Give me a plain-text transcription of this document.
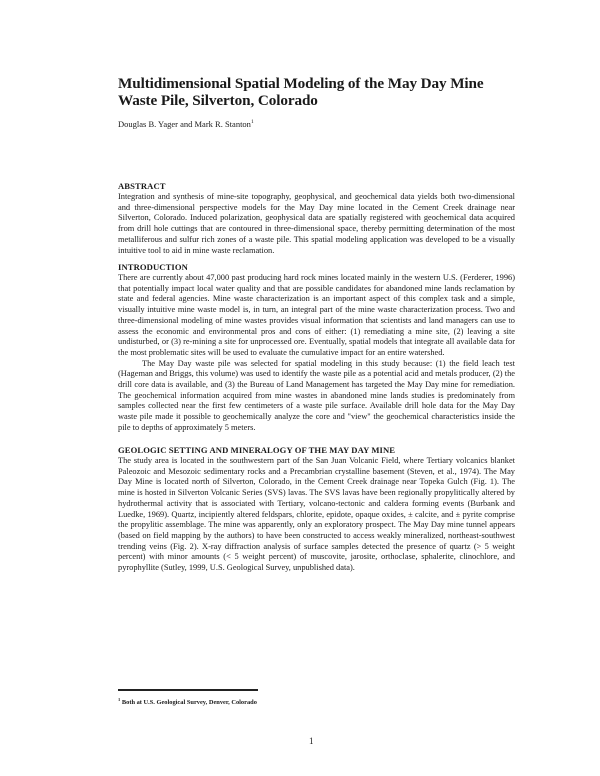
Multidimensional Spatial Modeling of the May Day Mine Waste Pile, Silverton, Colorado
Douglas B. Yager and Mark R. Stanton$^1$
ABSTRACT

Integration and synthesis of mine-site topography, geophysical, and geochemical data yields both two-dimensional and three-dimensional perspective models for the May Day mine located in the Cement Creek drainage near Silverton, Colorado. Induced polarization, geophysical data are spatially registered with geochemical data acquired from drill hole cuttings that are contoured in three-dimensional space, thereby permitting determination of the most metalliferous and sulfur rich zones of a waste pile. This spatial modeling application was developed to be a visually intuitive tool to aid in mine waste reclamation.

INTRODUCTION

There are currently about 47,000 past producing hard rock mines located mainly in the western U.S. (Ferderer, 1996) that potentially impact local water quality and that are possible candidates for abandoned mine lands reclamation by state and federal agencies. Mine waste characterization is an important aspect of this complex task and a simple, visually intuitive mine waste model is, in turn, an integral part of the mine waste characterization process. Two and three-dimensional modeling of mine wastes provides visual information that scientists and land managers can use to assess the economic and environmental pros and cons of either: (1) remediating a mine site, (2) leaving a site undisturbed, or (3) re-mining a site for unprocessed ore. Eventually, spatial models that integrate all available data for the most problematic sites will be used to evaluate the cumulative impact for an entire watershed.

The May Day waste pile was selected for spatial modeling in this study because: (1) the field leach test (Hageman and Briggs, this volume) was used to identify the waste pile as a potential acid and metals producer, (2) the drill core data is available, and (3) the Bureau of Land Management has targeted the May Day mine for remediation. The geochemical information acquired from mine wastes in abandoned mine lands studies is predominately from samples collected near the first few centimeters of a waste pile surface. Available drill hole data for the May Day waste pile made it possible to geochemically analyze the core and "view" the geochemical characteristics inside the pile to depths of approximately 5 meters.

GEOLOGIC SETTING AND MINERALOGY OF THE MAY DAY MINE

The study area is located in the southwestern part of the San Juan Volcanic Field, where Tertiary volcanics blanket Paleozoic and Mesozoic sedimentary rocks and a Precambrian crystalline basement (Steven, et al., 1974). The May Day Mine is located north of Silverton, Colorado, in the Cement Creek drainage near Topeka Gulch (Fig. 1). The mine is hosted in Silverton Volcanic Series (SVS) lavas. The SVS lavas have been regionally propylitically altered by hydrothermal activity that is associated with Tertiary, volcano-tectonic and caldera forming events (Burbank and Luedke, 1969). Quartz, incipiently altered feldspars, chlorite, epidote, opaque oxides, ± calcite, and ± pyrite comprise the propylitic assemblage. The mine was apparently, only an exploratory prospect. The May Day mine tunnel appears (based on field mapping by the authors) to have been constructed to access weakly mineralized, northeast-southwest trending veins (Fig. 2). X-ray diffraction analysis of surface samples detected the presence of quartz (> 5 weight percent) with minor amounts (< 5 weight percent) of muscovite, jarosite, orthoclase, sphalerite, clinochlore, and pyrophyllite (Sutley, 1999, U.S. Geological Survey, unpublished data).

$^1$ Both at U.S. Geological Survey, Denver, Colorado
1
